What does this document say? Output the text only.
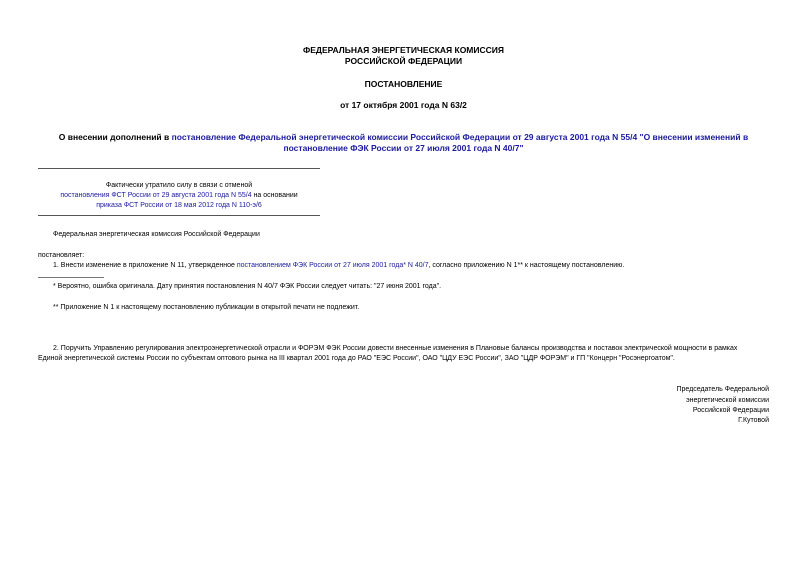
ФЕДЕРАЛЬНАЯ ЭНЕРГЕТИЧЕСКАЯ КОМИССИЯ
РОССИЙСКОЙ ФЕДЕРАЦИИ
ПОСТАНОВЛЕНИЕ
от 17 октября 2001 года N 63/2
О внесении дополнений в постановление Федеральной энергетической комиссии Российской Федерации от 29 августа 2001 года N 55/4 "О внесении изменений в
постановление ФЭК России от 27 июля 2001 года N 40/7"
Фактически утратило силу в связи с отменой
постановления ФСТ России от 29 августа 2001 года N 55/4 на основании
приказа ФСТ России от 18 мая 2012 года N 110-э/6
Федеральная энергетическая комиссия Российской Федерации
постановляет:
1. Внести изменение в приложение N 11, утвержденное постановлением ФЭК России от 27 июля 2001 года* N 40/7, согласно приложению N 1** к настоящему постановлению.
* Вероятно, ошибка оригинала. Дату принятия постановления N 40/7 ФЭК России следует читать: "27 июня 2001 года".
** Приложение N 1 к настоящему постановлению публикации в открытой печати не подлежит.
2. Поручить Управлению регулирования электроэнергетической отрасли и ФОРЭМ ФЭК России довести внесенные изменения в Плановые балансы производства и поставок электрической мощности в рамках
Единой энергетической системы России по субъектам оптового рынка на III квартал 2001 года до РАО "ЕЭС России", ОАО "ЦДУ ЕЭС России", ЗАО "ЦДР ФОРЭМ" и ГП "Концерн "Росэнергоатом".
Председатель Федеральной
энергетической комиссии
Российской Федерации
Г.Кутовой
